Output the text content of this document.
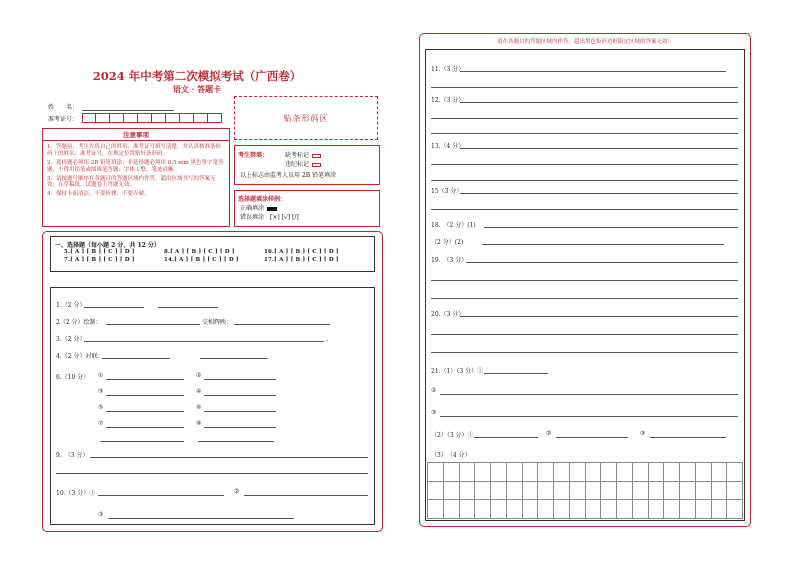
2024 年中考第二次模拟考试（广西卷）
语文 · 答题卡
姓　　名：
准考证号：	贴条形码区
注意事项

1．答题前，考生先将自己的姓名、准考证号填写清楚，并认真核准条形码上的姓名、准考证号，在规定位置贴好条形码。

2．选择题必须用 2B 铅笔填涂；非选择题必须用 0.5 mm 黑色签字笔答题，不得用铅笔或圆珠笔答题；字体工整、笔迹清晰。

3．请按题号顺序在各题目的答题区域内作答，超出区域书写的答案无效；在草稿纸、试题卷上答题无效。

4．保持卡面清洁，不要折叠、不要弄破。

考生禁填：	缺考标记
违纪标记
以上标志由监考人员用 2B 铅笔填涂
选择题填涂样例：
正确填涂
错误填涂　 [×] [√] [/]
一、选择题（每小题 2 分，共 12 分）
5.[ A ] [ B ] [ C ] [ D ]	8.[ A ] [ B ] [ C ] [ D ]	16.[ A ] [ B ] [ C ] [ D ]
7.[ A ] [ B ] [ C ] [ D ]	14.[ A ] [ B ] [ C ] [ D ]	17.[ A ] [ B ] [ C ] [ D ]
1.（2 分）
2（2 分）绘制：	交相辉映：
3.（2 分）	。
4.（2 分）对联：
6.（10 分） ①	②
③	④
⑤	⑥
⑦	⑧
9.　（3 分）
10.（3 分）①	②
③
请在各题目的答题区域内作答，超出黑色矩形边框限定区域的答案无效！
11.（3 分）
12.（3 分）
13.（4 分）
15（3 分）
18.　（2 分）(1)
（2 分）(2)
19.　（3 分）
20.（3 分）
21.（1）（3 分）①
②
③
（2）（3 分）①	②	③
（3）　（4 分）
